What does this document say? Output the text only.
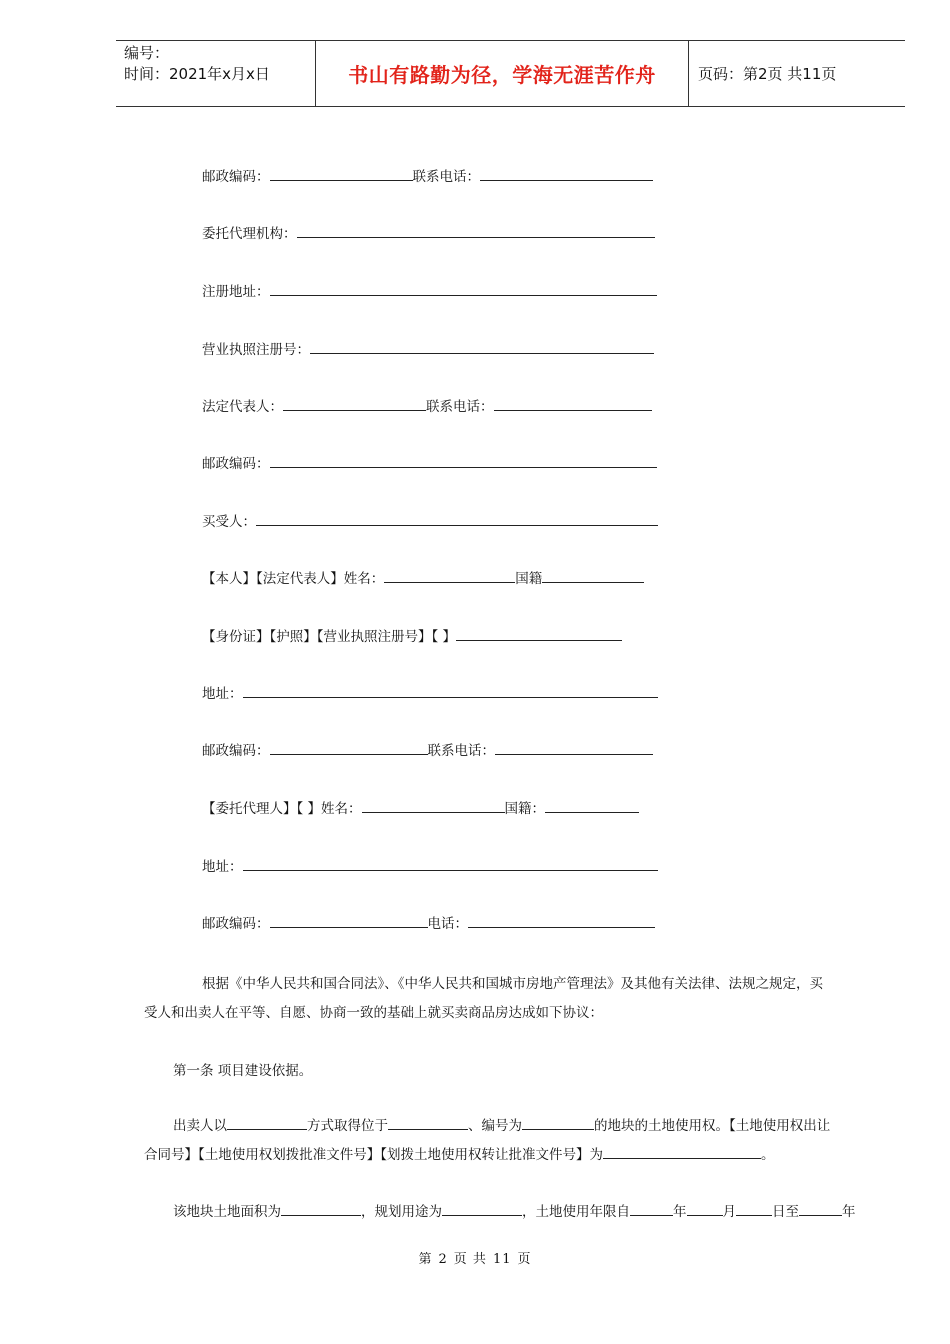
编号：
时间：2021年x月x日	书山有路勤为径，学海无涯苦作舟	页码：第2页 共11页
邮政编码：	联系电话：
委托代理机构：
注册地址：
营业执照注册号：
法定代表人：	联系电话：
邮政编码：
买受人：
【本人】【法定代表人】姓名：	国籍
【身份证】【护照】【营业执照注册号】【 】
地址：
邮政编码：	联系电话：
【委托代理人】【 】姓名：	国籍：
地址：
邮政编码：	电话：
根据《中华人民共和国合同法》、《中华人民共和国城市房地产管理法》及其他有关法律、法规之规定，买
受人和出卖人在平等、自愿、协商一致的基础上就买卖商品房达成如下协议：
第一条 项目建设依据。
出卖人以	方式取得位于	、编号为	的地块的土地使用权。【土地使用权出让
合同号】【土地使用权划拨批准文件号】【划拨土地使用权转让批准文件号】为	。
该地块土地面积为	，规划用途为	，土地使用年限自	年	月	日至	年
第 2 页 共 11 页
